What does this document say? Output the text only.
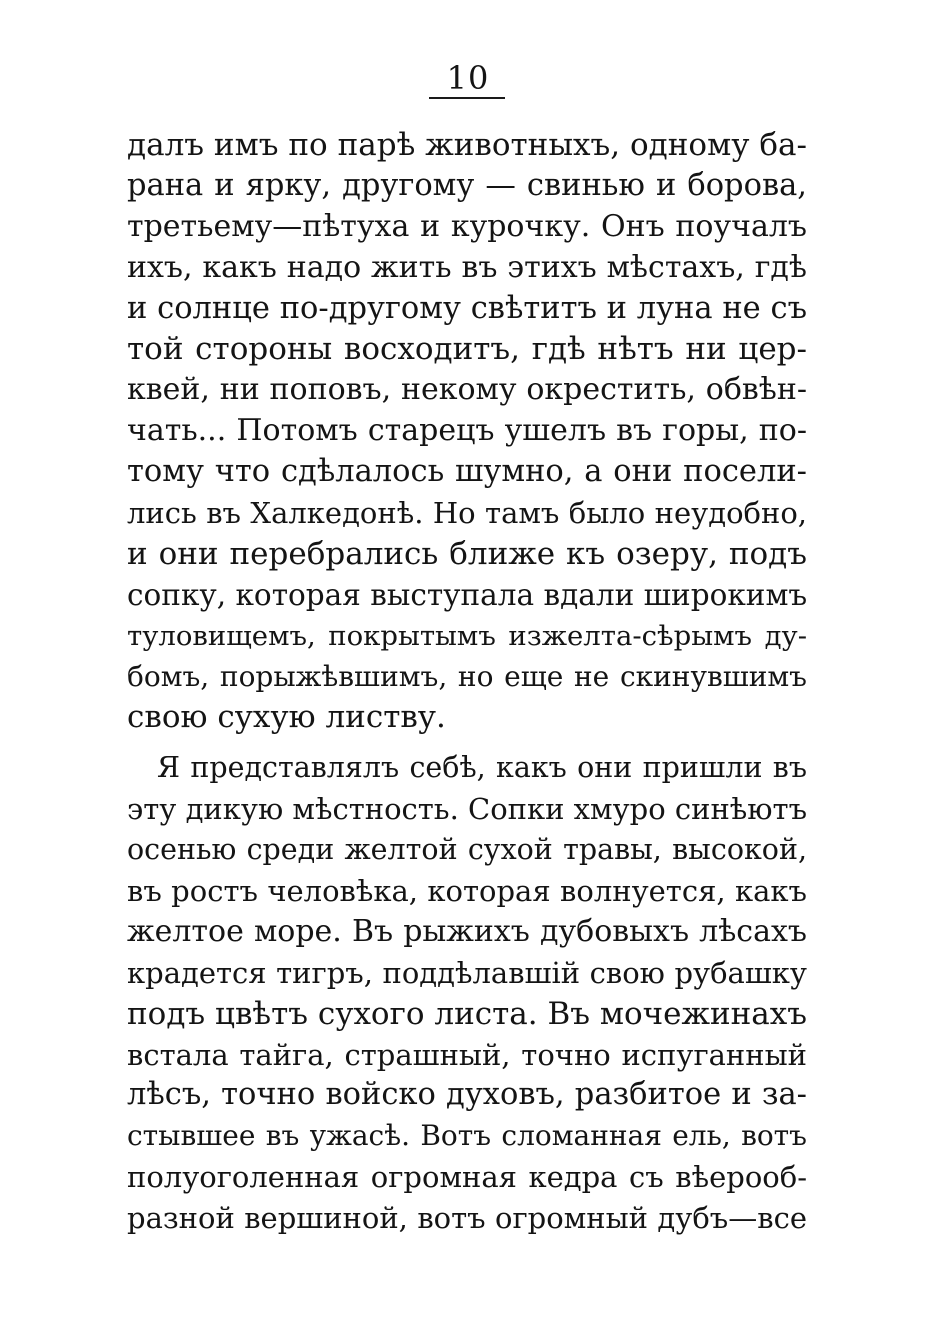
10
далъ имъ по парѣ животныхъ, одному ба-
рана и ярку, другому — свинью и борова,
третьему—пѣтуха и курочку. Онъ поучалъ
ихъ, какъ надо жить въ этихъ мѣстахъ, гдѣ
и солнце по-другому свѣтитъ и луна не съ
той стороны восходитъ, гдѣ нѣтъ ни цер-
квей, ни поповъ, некому окрестить, обвѣн-
чать... Потомъ старецъ ушелъ въ горы, по-
тому что сдѣлалось шумно, а они посели-
лись въ Халкедонѣ. Но тамъ было неудобно,
и они перебрались ближе къ озеру, подъ
сопку, которая выступала вдали широкимъ
туловищемъ, покрытымъ изжелта-сѣрымъ ду-
бомъ, порыжѣвшимъ, но еще не скинувшимъ
свою сухую листву.
Я представлялъ себѣ, какъ они пришли въ
эту дикую мѣстность. Сопки хмуро синѣютъ
осенью среди желтой сухой травы, высокой,
въ ростъ человѣка, которая волнуется, какъ
желтое море. Въ рыжихъ дубовыхъ лѣсахъ
крадется тигръ, поддѣлавшій свою рубашку
подъ цвѣтъ сухого листа. Въ мочежинахъ
встала тайга, страшный, точно испуганный
лѣсъ, точно войско духовъ, разбитое и за-
стывшее въ ужасѣ. Вотъ сломанная ель, вотъ
полуоголенная огромная кедра съ вѣерооб-
разной вершиной, вотъ огромный дубъ—все
